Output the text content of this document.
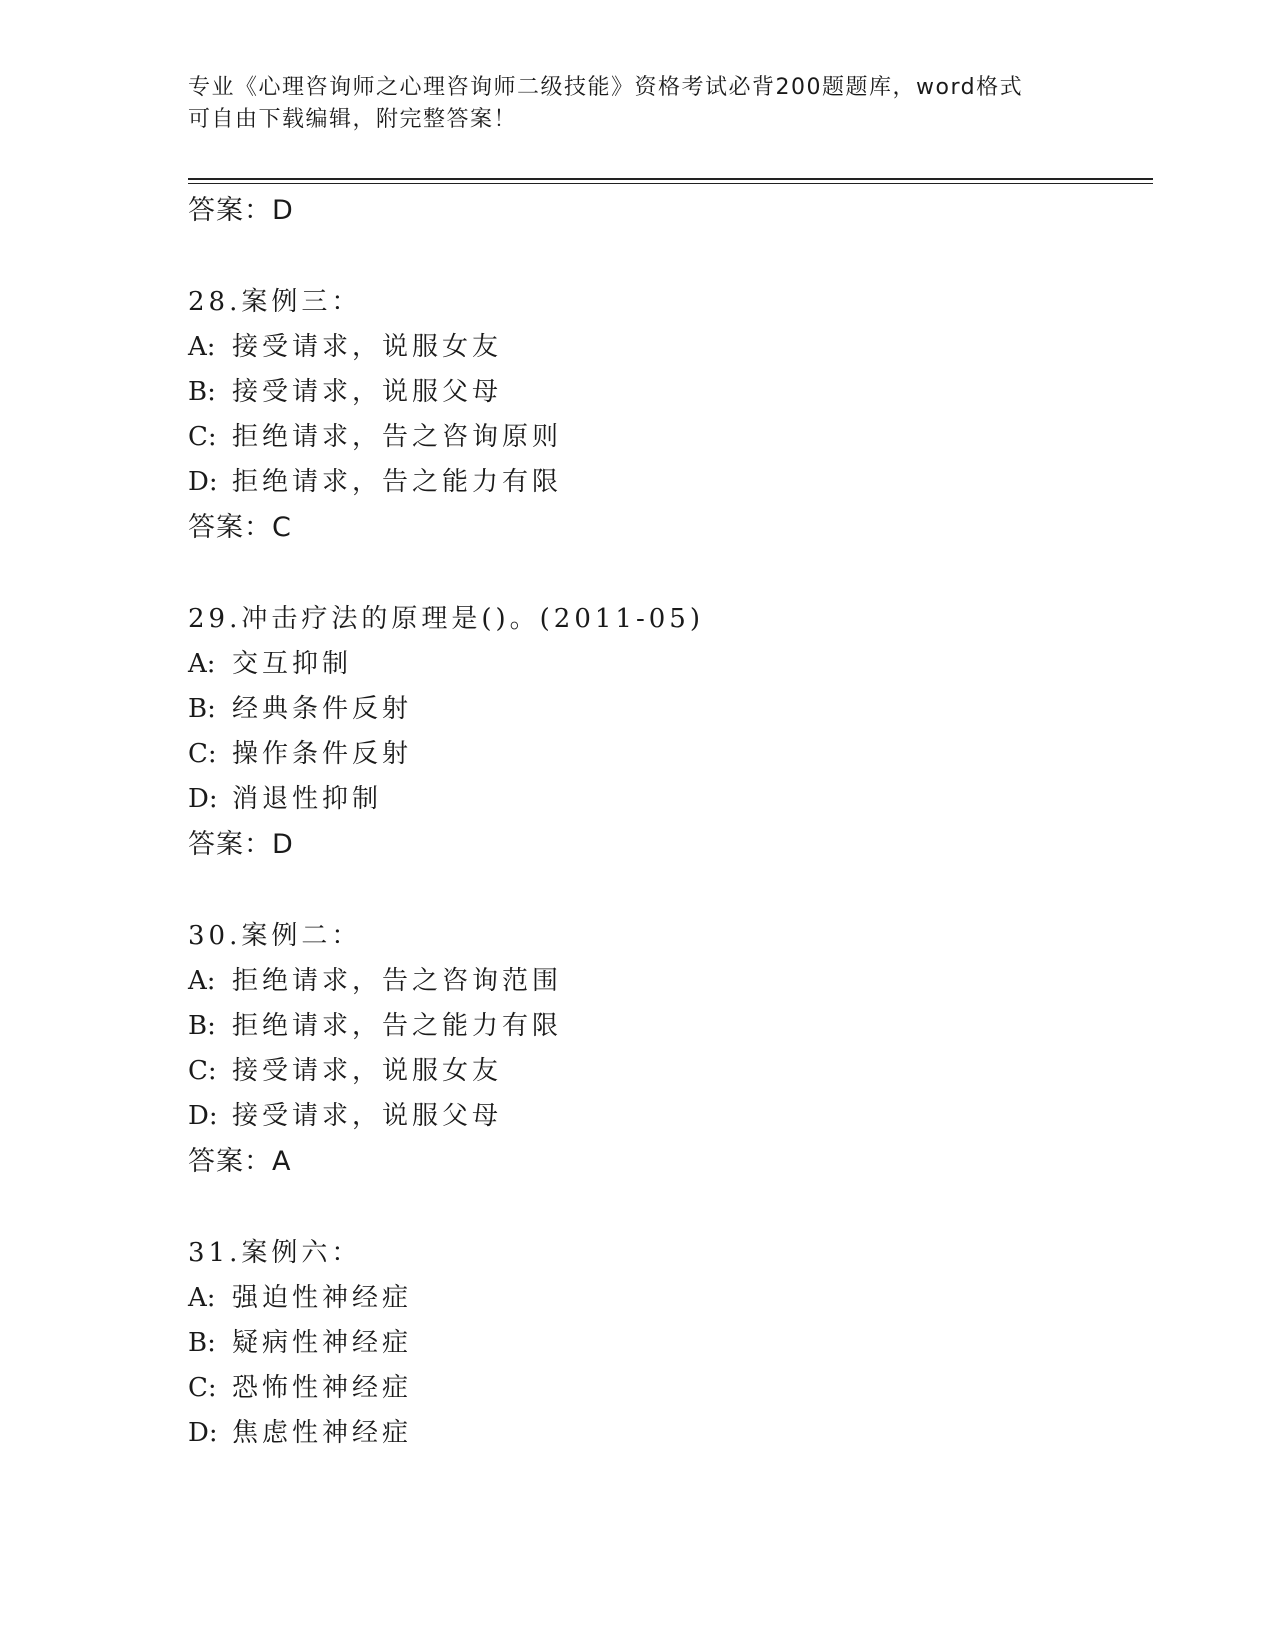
专业《心理咨询师之心理咨询师二级技能》资格考试必背200题题库，word格式
可自由下载编辑，附完整答案！
答案：D
28.案例三：
A: 接受请求，说服女友
B: 接受请求，说服父母
C: 拒绝请求，告之咨询原则
D: 拒绝请求，告之能力有限
答案：C
29.冲击疗法的原理是()。(2011-05)
A: 交互抑制
B: 经典条件反射
C: 操作条件反射
D: 消退性抑制
答案：D
30.案例二：
A: 拒绝请求，告之咨询范围
B: 拒绝请求，告之能力有限
C: 接受请求，说服女友
D: 接受请求，说服父母
答案：A
31.案例六：
A: 强迫性神经症
B: 疑病性神经症
C: 恐怖性神经症
D: 焦虑性神经症
